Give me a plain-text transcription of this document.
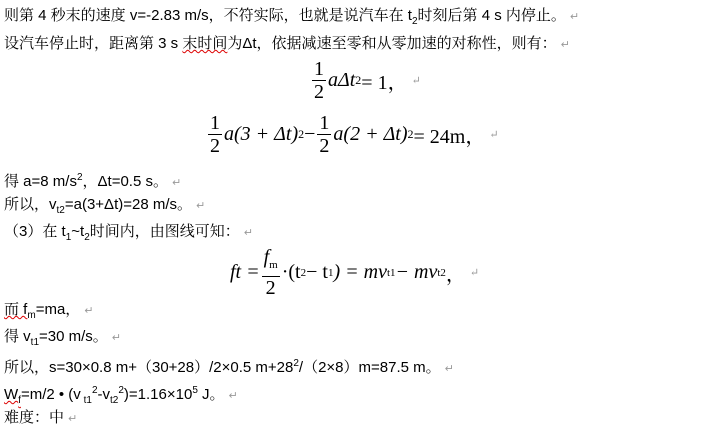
则第 4 秒末的速度 v=-2.83 m/s，不符实际，也就是说汽车在 $t_2$时刻后第 4 s 内停止。 ↵
设汽车停止时，距离第 3 s 末时间为Δt，依据减速至零和从零加速的对称性，则有： ↵
$\frac{1}{2}$ aΔt 2 = 1， ↵
$\frac{1}{2} a(3 + \Delta t) 2 - \frac{1}{2} a(2 + \Delta t) 2 = 24m$， ↵
得 a=8 $m/s^2$，Δt=0.5 s。 ↵
所以，$v_{t2}=a(3+\Delta t)=28$ m/s。 ↵
（3）在 $t_1\sim t_2$时间内，由图线可知： ↵
ft = $\frac{f_m}{2} \cdot(t$ 2 − t 1 ) = mv t1 − mv t2 ， ↵
而 $f_m=ma$， ↵
得 $v_{t1}=30$ m/s。 ↵
所以，s=30×0.8 m+（30+28）/2×0.5 $m+28^2/(2\times 8)m=87.5$ m。 ↵
$W_f=m/2$ • (v $_{t1}^2-v_{t2}^2)=1.16\times 10^5$ J。 ↵
难度：中 ↵
